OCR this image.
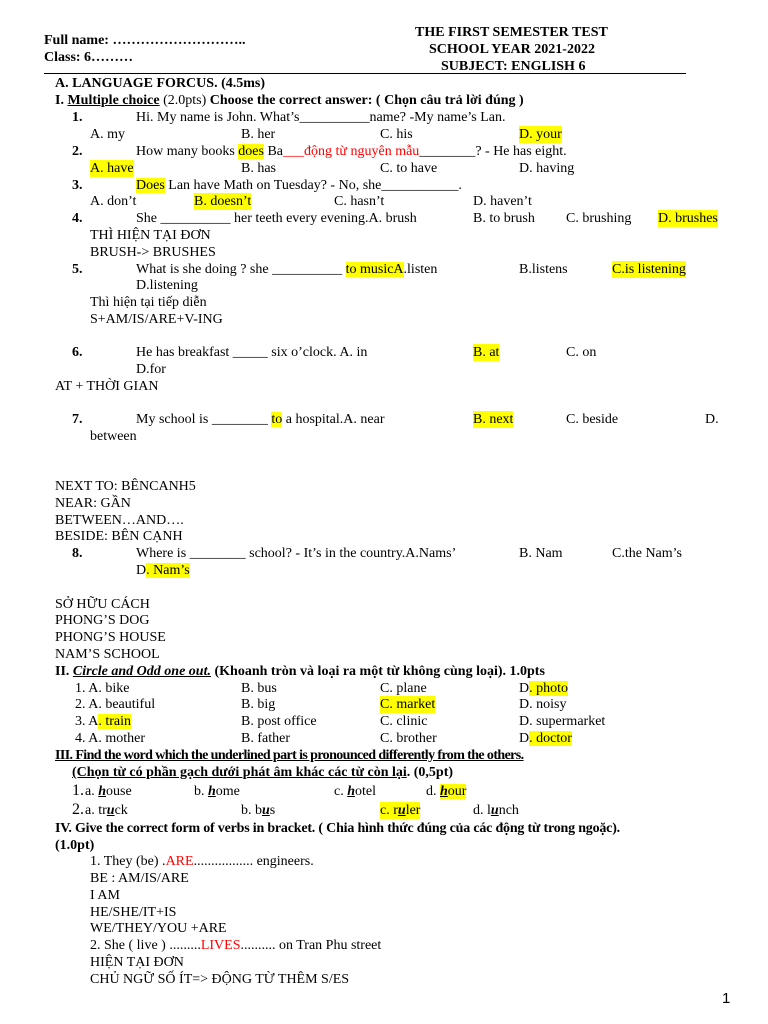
Full name: ………………………..
Class: 6………
THE FIRST SEMESTER TEST
SCHOOL YEAR 2021-2022
SUBJECT: ENGLISH 6
A. LANGUAGE FORCUS. (4.5ms)
I. Multiple choice (2.0pts) Choose the correct answer: ( Chọn câu trả lời đúng )
1.	Hi. My name is John. What’s__________name? -My name’s Lan.
A. my	B. her	C. his	D. your
2.	How many books does Ba___động từ nguyên mẫu________? - He has eight.
A. have	B. has	C. to have	D. having
3.	Does Lan have Math on Tuesday? - No, she___________.
A. don’t	B. doesn’t	C. hasn’t	D. haven’t
4.	She __________ her teeth every evening.A. brush	B. to brush C. brushing D. brushes
THÌ HIỆN TẠI ĐƠN
BRUSH-> BRUSHES
5.	What is she doing ? she __________ to musicA.listen	B.listens	C.is listening
D.listening
Thì hiện tại tiếp diễn
S+AM/IS/ARE+V-ING
6.	He has breakfast _____ six o’clock. A. in	B. at	C. on
D.for
AT + THỜI GIAN
7.	My school is ________ to a hospital.A. near	B. next	C. beside	D.
between
NEXT TO: BÊNCANH5
NEAR: GẦN
BETWEEN…AND….
BESIDE: BÊN CẠNH
8.	Where is ________ school? - It’s in the country.A.Nams’	B. Nam	C.the Nam’s
D. Nam’s
SỞ HỮU CÁCH
PHONG’S DOG
PHONG’S HOUSE
NAM’S SCHOOL
II. Circle and Odd one out. (Khoanh tròn và loại ra một từ không cùng loại). 1.0pts
1. A. bike	B. bus	C. plane	D. photo
2. A. beautiful	B. big	C. market	D. noisy
3. A. train	B. post office	C. clinic	D. supermarket
4. A. mother	B. father	C. brother	D. doctor
III. Find the word which the underlined part is pronounced differently from the others.
(Chọn từ có phần gạch dưới phát âm khác các từ còn lại. (0,5pt)
1. a. house	b. home	c. hotel	d. hour
2. a. truck	b. bus	c. ruler	d. lunch
IV. Give the correct form of verbs in bracket. ( Chia hình thức đúng của các động từ trong ngoặc).
(1.0pt)
1. They (be) .ARE................. engineers.
BE : AM/IS/ARE
I AM
HE/SHE/IT+IS
WE/THEY/YOU +ARE
2. She ( live ) .........LIVES.......... on Tran Phu street
HIỆN TẠI ĐƠN
CHỦ NGỮ SỐ ÍT=> ĐỘNG TỪ THÊM S/ES
1
